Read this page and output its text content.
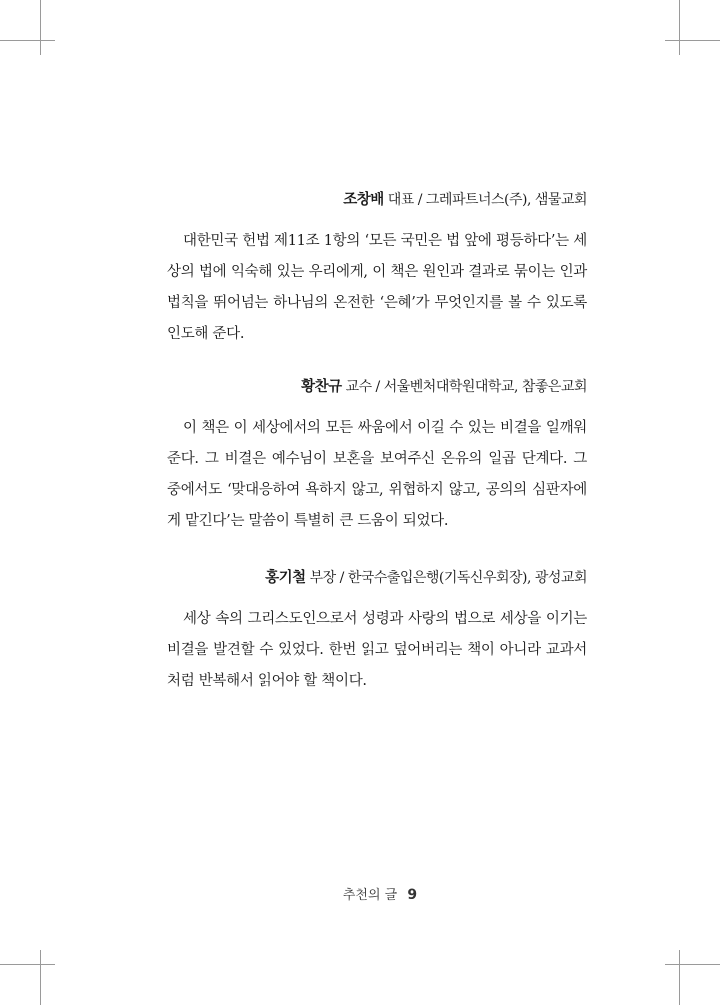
조창배 대표 / 그레파트너스(주), 샘물교회

대한민국 헌법 제11조 1항의 ‘모든 국민은 법 앞에 평등하다’는 세상의 법에 익숙해 있는 우리에게, 이 책은 원인과 결과로 묶이는 인과법칙을 뛰어넘는 하나님의 온전한 ‘은혜’가 무엇인지를 볼 수 있도록 인도해 준다.

황찬규 교수 / 서울벤처대학원대학교, 참좋은교회

이 책은 이 세상에서의 모든 싸움에서 이길 수 있는 비결을 일깨워 준다. 그 비결은 예수님이 보혼을 보여주신 온유의 일곱 단계다. 그 중에서도 ‘맞대응하여 욕하지 않고, 위협하지 않고, 공의의 심판자에게 맡긴다’는 말씀이 특별히 큰 드움이 되었다.

홍기철 부장 / 한국수출입은행(기독신우회장), 광성교회

세상 속의 그리스도인으로서 성령과 사랑의 법으로 세상을 이기는 비결을 발견할 수 있었다. 한번 읽고 덮어버리는 책이 아니라 교과서처럼 반복해서 읽어야 할 책이다.

추천의 글 9
